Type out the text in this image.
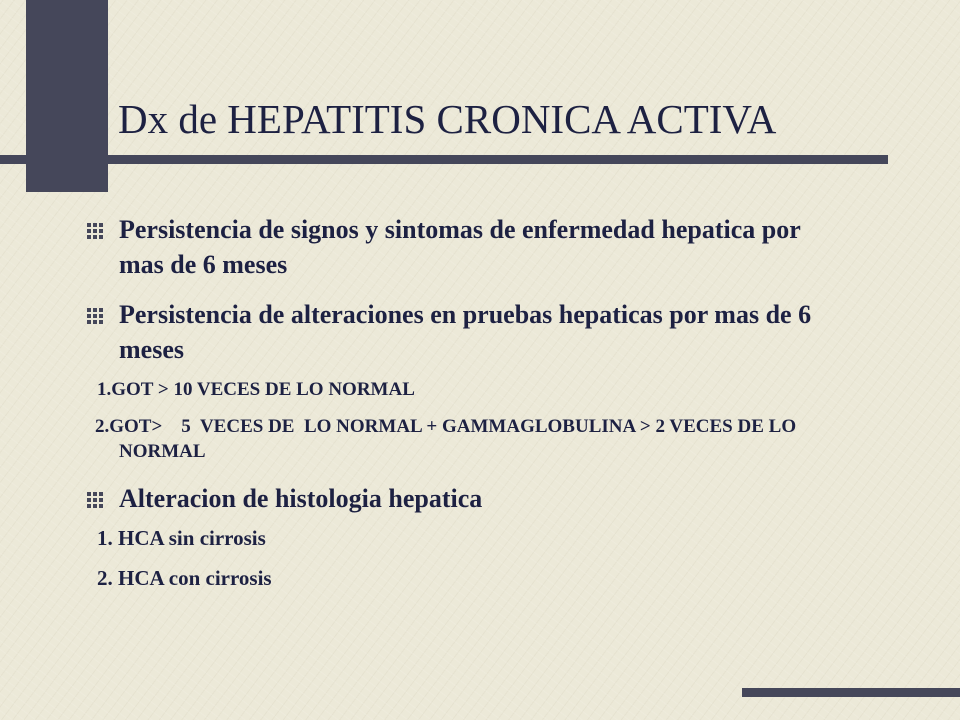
Dx de HEPATITIS CRONICA ACTIVA
Persistencia de signos y sintomas de enfermedad hepatica por mas de 6 meses
Persistencia de alteraciones en pruebas hepaticas por mas de 6 meses

1.GOT > 10 VECES DE LO NORMAL

2.GOT>    5  VECES DE  LO NORMAL + GAMMAGLOBULINA > 2 VECES DE LO NORMAL

Alteracion de histologia hepatica

1. HCA sin cirrosis

2. HCA con cirrosis
